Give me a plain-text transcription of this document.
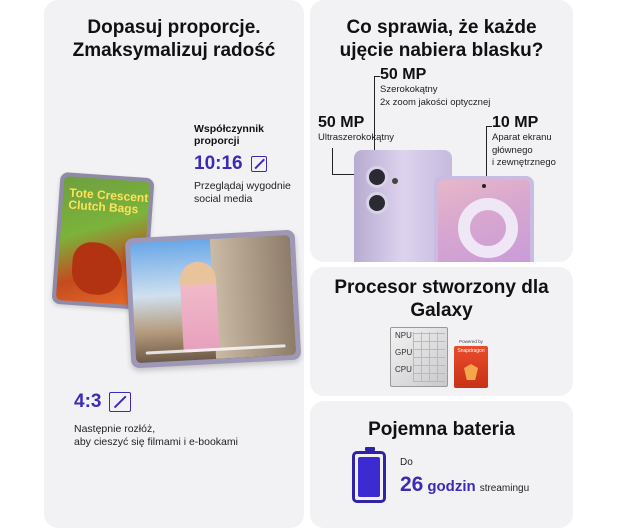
Dopasuj proporcje.
Zmaksymalizuj radość
Tote Crescent Clutch Bags
Współczynnik proporcji
10:16
Przeglądaj wygodnie social media
4:3
Następnie rozłóż,
aby cieszyć się filmami i e-bookami
Co sprawia, że każde
ujęcie nabiera blasku?
50 MP
Szerokokątny
2x zoom jakości optycznej
50 MP
Ultraszerokokątny
10 MP
Aparat ekranu
głównego
i zewnętrznego
Procesor stworzony dla
Galaxy
NPU
GPU
CPU
Powered by
Snapdragon
Pojemna bateria
Do
26 godzin streamingu
